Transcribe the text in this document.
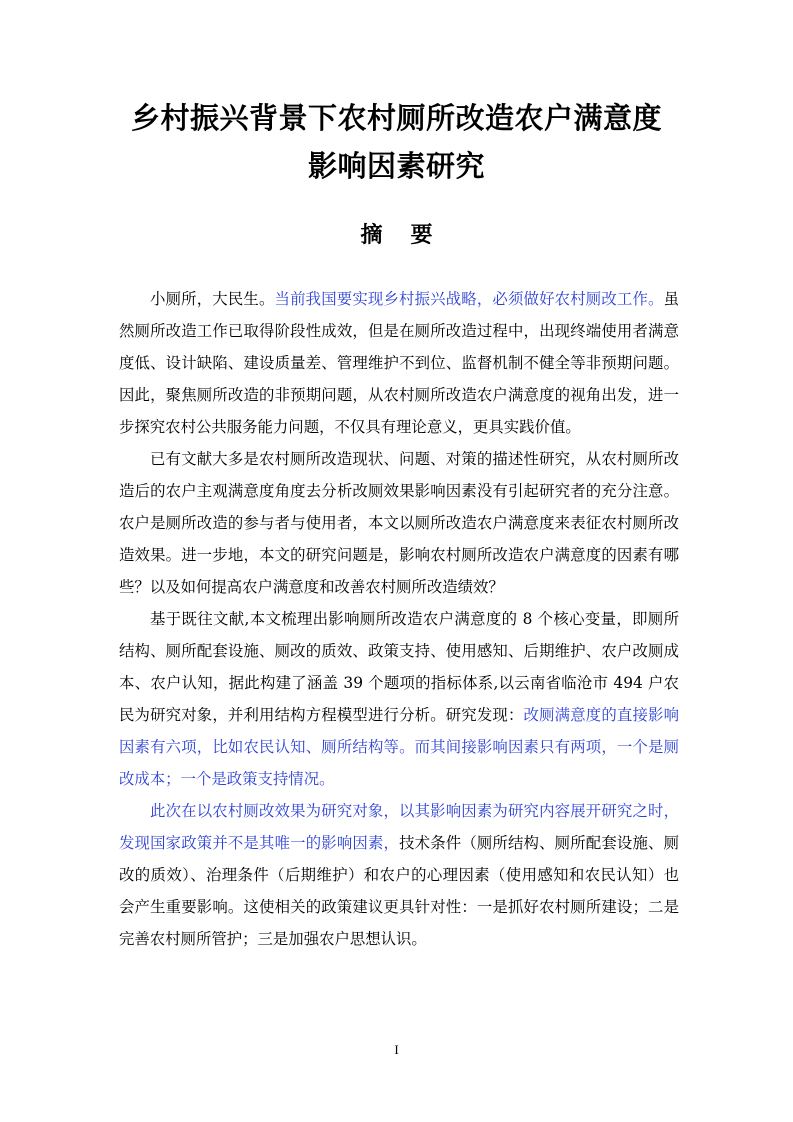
乡村振兴背景下农村厕所改造农户满意度
影响因素研究
摘 要

小厕所，大民生。当前我国要实现乡村振兴战略，必须做好农村厕改工作。虽然厕所改造工作已取得阶段性成效，但是在厕所改造过程中，出现终端使用者满意度低、设计缺陷、建设质量差、管理维护不到位、监督机制不健全等非预期问题。因此，聚焦厕所改造的非预期问题，从农村厕所改造农户满意度的视角出发，进一步探究农村公共服务能力问题，不仅具有理论意义，更具实践价值。

已有文献大多是农村厕所改造现状、问题、对策的描述性研究，从农村厕所改造后的农户主观满意度角度去分析改厕效果影响因素没有引起研究者的充分注意。农户是厕所改造的参与者与使用者，本文以厕所改造农户满意度来表征农村厕所改造效果。进一步地，本文的研究问题是，影响农村厕所改造农户满意度的因素有哪些？以及如何提高农户满意度和改善农村厕所改造绩效？

基于既往文献,本文梳理出影响厕所改造农户满意度的 8 个核心变量，即厕所结构、厕所配套设施、厕改的质效、政策支持、使用感知、后期维护、农户改厕成本、农户认知，据此构建了涵盖 39 个题项的指标体系,以云南省临沧市 494 户农民为研究对象，并利用结构方程模型进行分析。研究发现：改厕满意度的直接影响因素有六项，比如农民认知、厕所结构等。而其间接影响因素只有两项，一个是厕改成本；一个是政策支持情况。

此次在以农村厕改效果为研究对象，以其影响因素为研究内容展开研究之时，发现国家政策并不是其唯一的影响因素，技术条件（厕所结构、厕所配套设施、厕改的质效）、治理条件（后期维护）和农户的心理因素（使用感知和农民认知）也会产生重要影响。这使相关的政策建议更具针对性：一是抓好农村厕所建设；二是完善农村厕所管护；三是加强农户思想认识。

I
